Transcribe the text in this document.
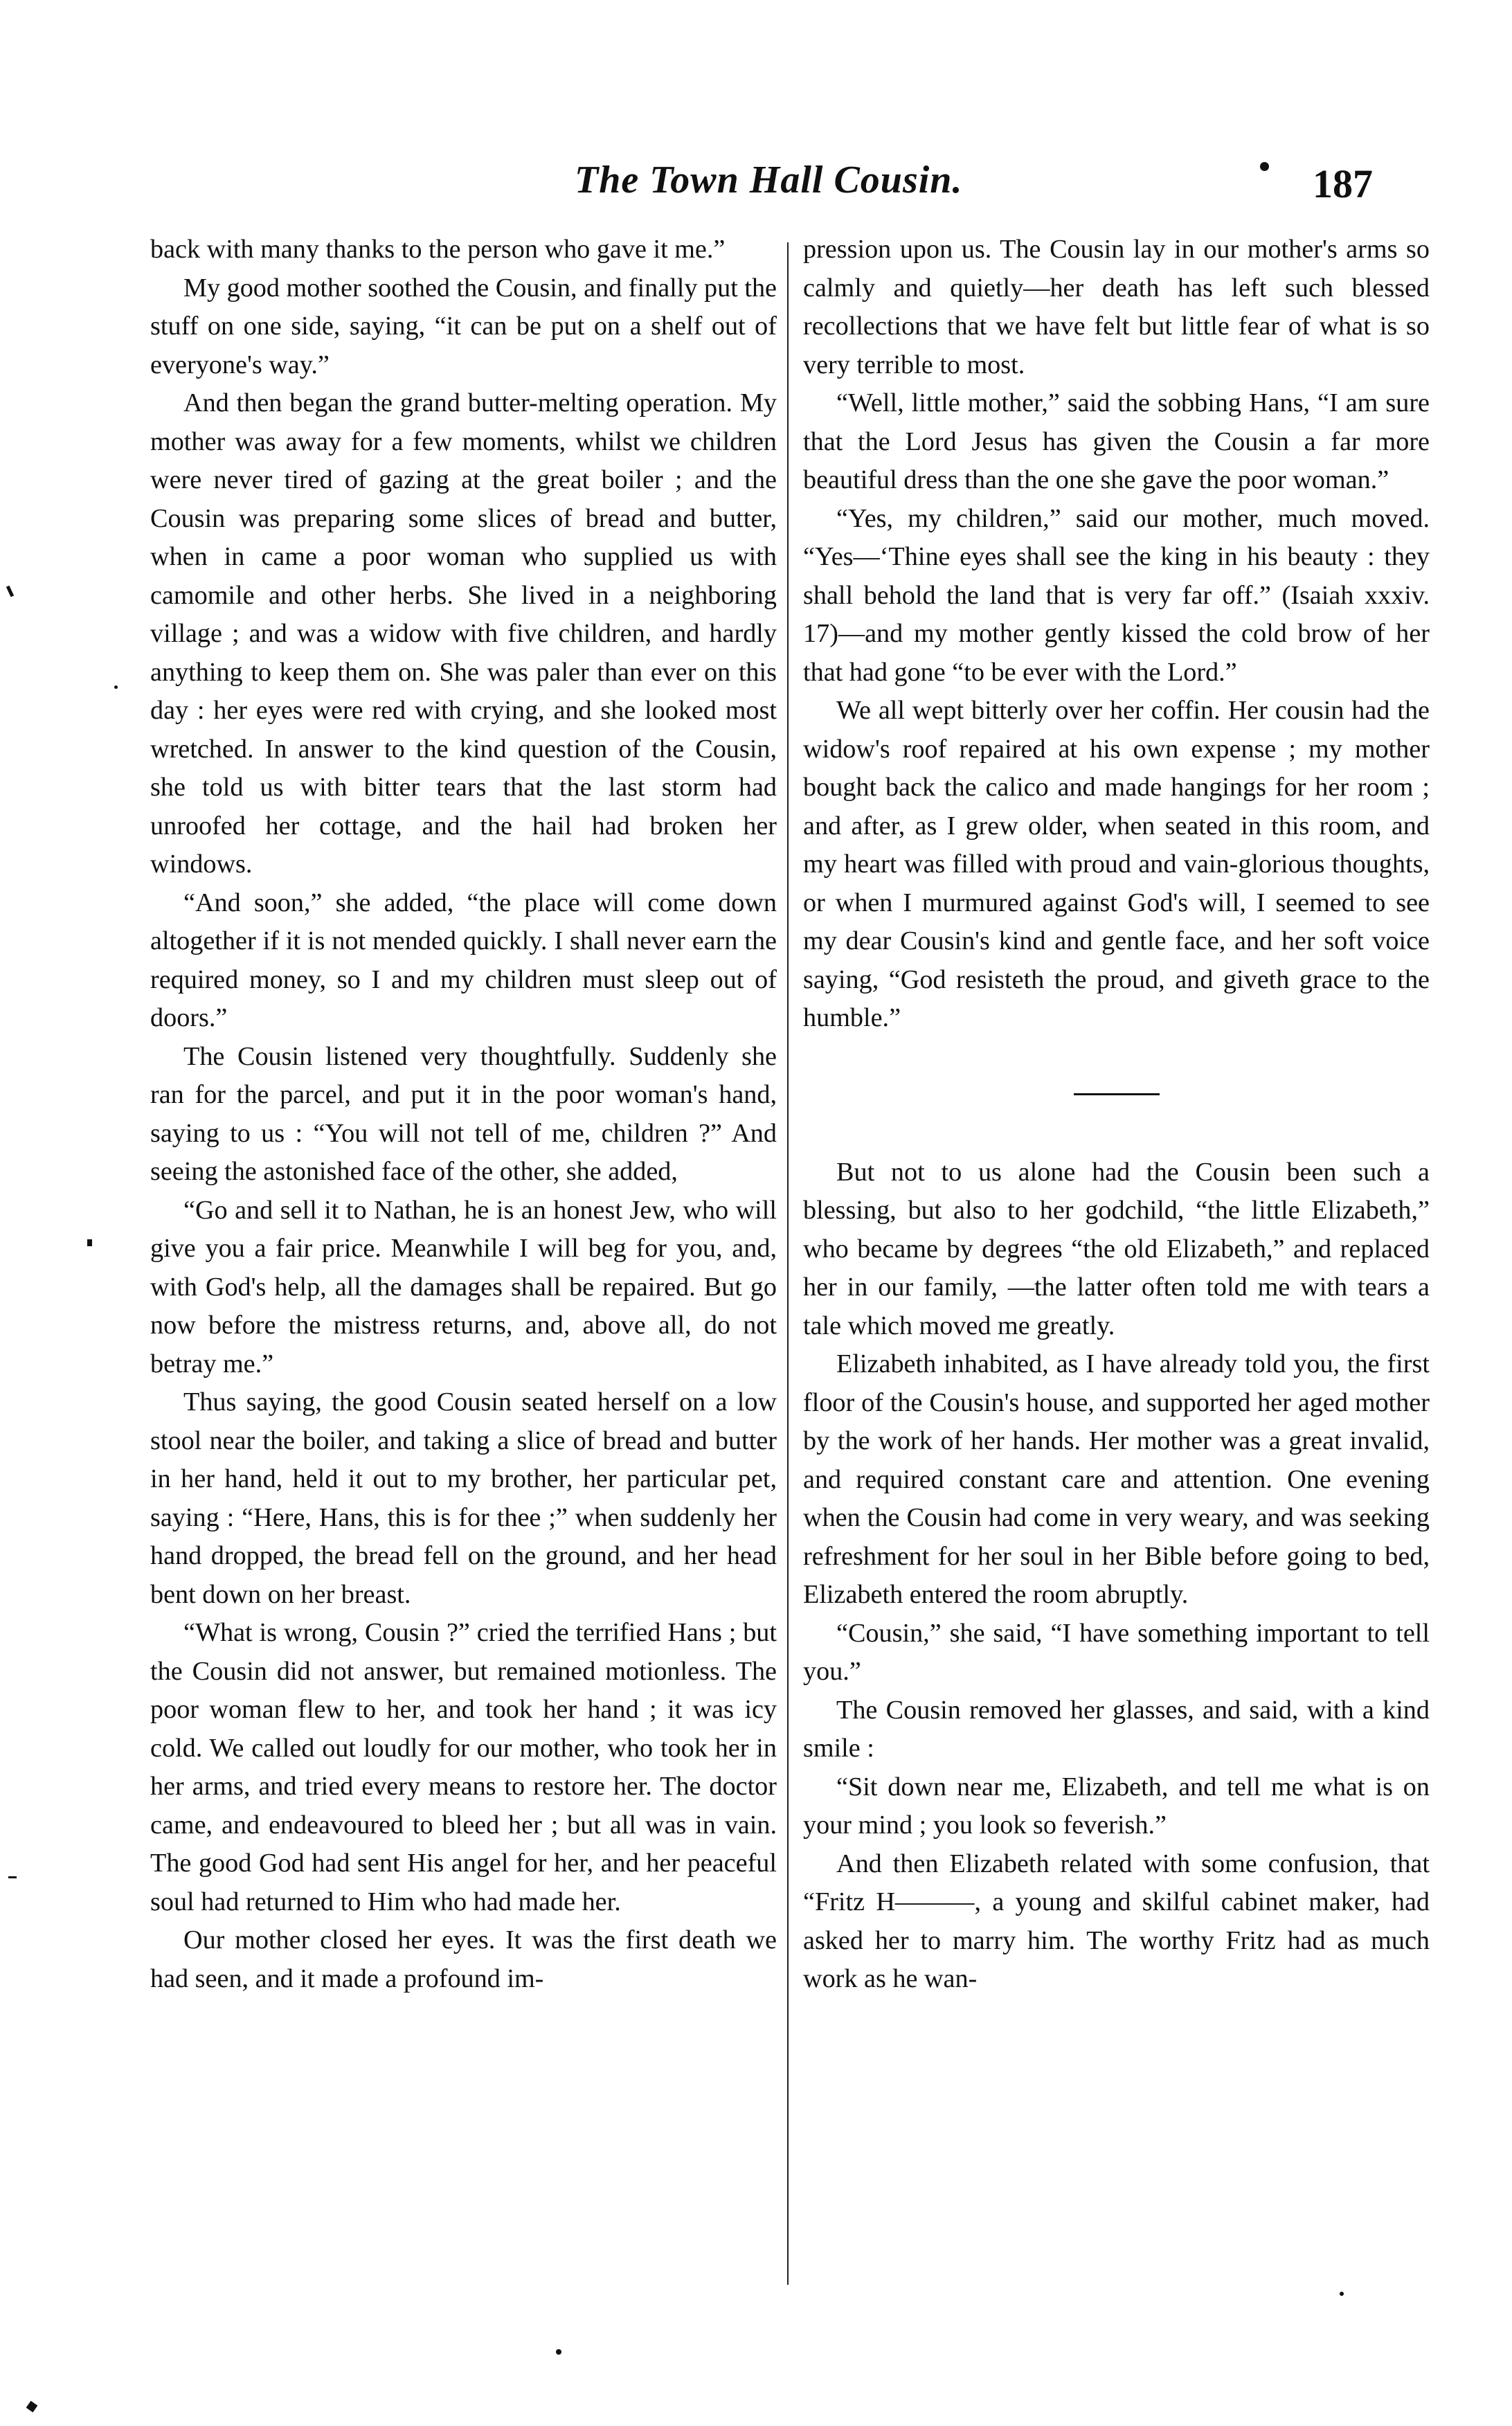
The Town Hall Cousin.	187

back with many thanks to the person who gave it me.”

My good mother soothed the Cousin, and finally put the stuff on one side, saying, “it can be put on a shelf out of everyone's way.”

And then began the grand butter-melting operation. My mother was away for a few moments, whilst we children were never tired of gazing at the great boiler ; and the Cousin was preparing some slices of bread and butter, when in came a poor woman who supplied us with camomile and other herbs. She lived in a neighboring village ; and was a widow with five children, and hardly anything to keep them on. She was paler than ever on this day : her eyes were red with crying, and she looked most wretched. In answer to the kind question of the Cousin, she told us with bitter tears that the last storm had unroofed her cottage, and the hail had broken her windows.

“And soon,” she added, “the place will come down altogether if it is not mended quickly. I shall never earn the required money, so I and my children must sleep out of doors.”

The Cousin listened very thoughtfully. Suddenly she ran for the parcel, and put it in the poor woman's hand, saying to us : “You will not tell of me, children ?” And seeing the astonished face of the other, she added,

“Go and sell it to Nathan, he is an honest Jew, who will give you a fair price. Meanwhile I will beg for you, and, with God's help, all the damages shall be repaired. But go now before the mistress returns, and, above all, do not betray me.”

Thus saying, the good Cousin seated herself on a low stool near the boiler, and taking a slice of bread and butter in her hand, held it out to my brother, her particular pet, saying : “Here, Hans, this is for thee ;” when suddenly her hand dropped, the bread fell on the ground, and her head bent down on her breast.

“What is wrong, Cousin ?” cried the terrified Hans ; but the Cousin did not answer, but remained motionless. The poor woman flew to her, and took her hand ; it was icy cold. We called out loudly for our mother, who took her in her arms, and tried every means to restore her. The doctor came, and endeavoured to bleed her ; but all was in vain. The good God had sent His angel for her, and her peaceful soul had returned to Him who had made her.

Our mother closed her eyes. It was the first death we had seen, and it made a profound im-

pression upon us. The Cousin lay in our mother's arms so calmly and quietly—her death has left such blessed recollections that we have felt but little fear of what is so very terrible to most.

“Well, little mother,” said the sobbing Hans, “I am sure that the Lord Jesus has given the Cousin a far more beautiful dress than the one she gave the poor woman.”

“Yes, my children,” said our mother, much moved. “Yes—‘Thine eyes shall see the king in his beauty : they shall behold the land that is very far off.” (Isaiah xxxiv. 17)—and my mother gently kissed the cold brow of her that had gone “to be ever with the Lord.”

We all wept bitterly over her coffin. Her cousin had the widow's roof repaired at his own expense ; my mother bought back the calico and made hangings for her room ; and after, as I grew older, when seated in this room, and my heart was filled with proud and vain-glorious thoughts, or when I murmured against God's will, I seemed to see my dear Cousin's kind and gentle face, and her soft voice saying, “God resisteth the proud, and giveth grace to the humble.”

But not to us alone had the Cousin been such a blessing, but also to her godchild, “the little Elizabeth,” who became by degrees “the old Elizabeth,” and replaced her in our family, —the latter often told me with tears a tale which moved me greatly.

Elizabeth inhabited, as I have already told you, the first floor of the Cousin's house, and supported her aged mother by the work of her hands. Her mother was a great invalid, and required constant care and attention. One evening when the Cousin had come in very weary, and was seeking refreshment for her soul in her Bible before going to bed, Elizabeth entered the room abruptly.

“Cousin,” she said, “I have something important to tell you.”

The Cousin removed her glasses, and said, with a kind smile :

“Sit down near me, Elizabeth, and tell me what is on your mind ; you look so feverish.”

And then Elizabeth related with some confusion, that “Fritz H———, a young and skilful cabinet maker, had asked her to marry him. The worthy Fritz had as much work as he wan-
